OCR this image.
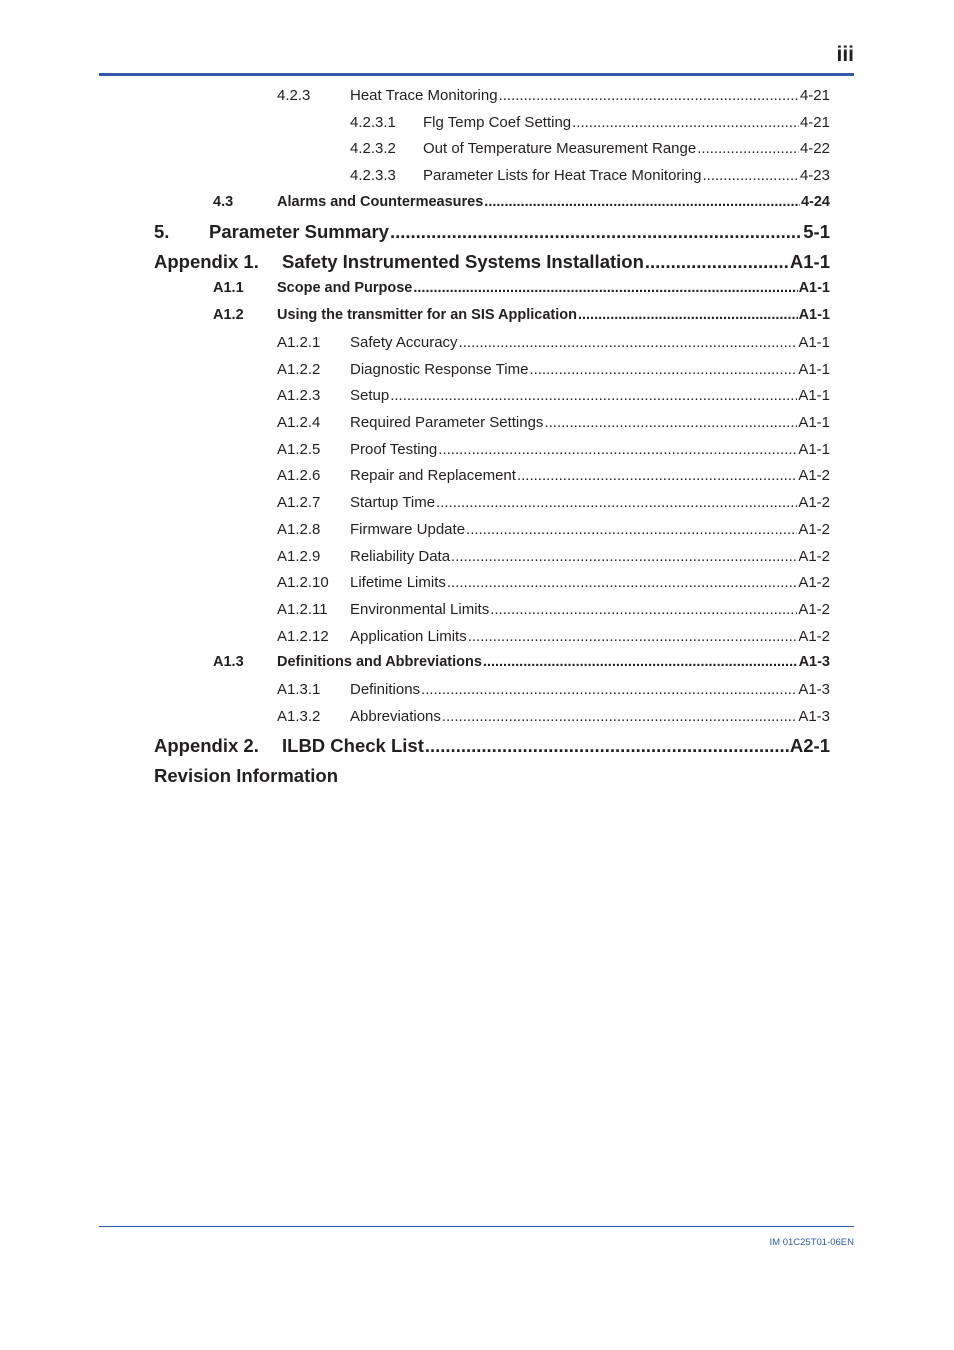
iii
4.2.3	Heat Trace Monitoring .....	4-21
4.2.3.1	Flg Temp Coef Setting .....	4-21
4.2.3.2	Out of Temperature Measurement Range .....	4-22
4.2.3.3	Parameter Lists for Heat Trace Monitoring .....	4-23
4.3	Alarms and Countermeasures .....	4-24
5.	Parameter Summary .....	5-1
Appendix 1.	Safety Instrumented Systems Installation .....	A1-1
A1.1	Scope and Purpose .....	A1-1
A1.2	Using the transmitter for an SIS Application .....	A1-1
A1.2.1	Safety Accuracy .....	A1-1
A1.2.2	Diagnostic Response Time .....	A1-1
A1.2.3	Setup .....	A1-1
A1.2.4	Required Parameter Settings .....	A1-1
A1.2.5	Proof Testing .....	A1-1
A1.2.6	Repair and Replacement .....	A1-2
A1.2.7	Startup Time .....	A1-2
A1.2.8	Firmware Update .....	A1-2
A1.2.9	Reliability Data .....	A1-2
A1.2.10	Lifetime Limits .....	A1-2
A1.2.11	Environmental Limits .....	A1-2
A1.2.12	Application Limits .....	A1-2
A1.3	Definitions and Abbreviations .....	A1-3
A1.3.1	Definitions .....	A1-3
A1.3.2	Abbreviations .....	A1-3
Appendix 2.	ILBD Check List .....	A2-1
Revision Information
IM 01C25T01-06EN
